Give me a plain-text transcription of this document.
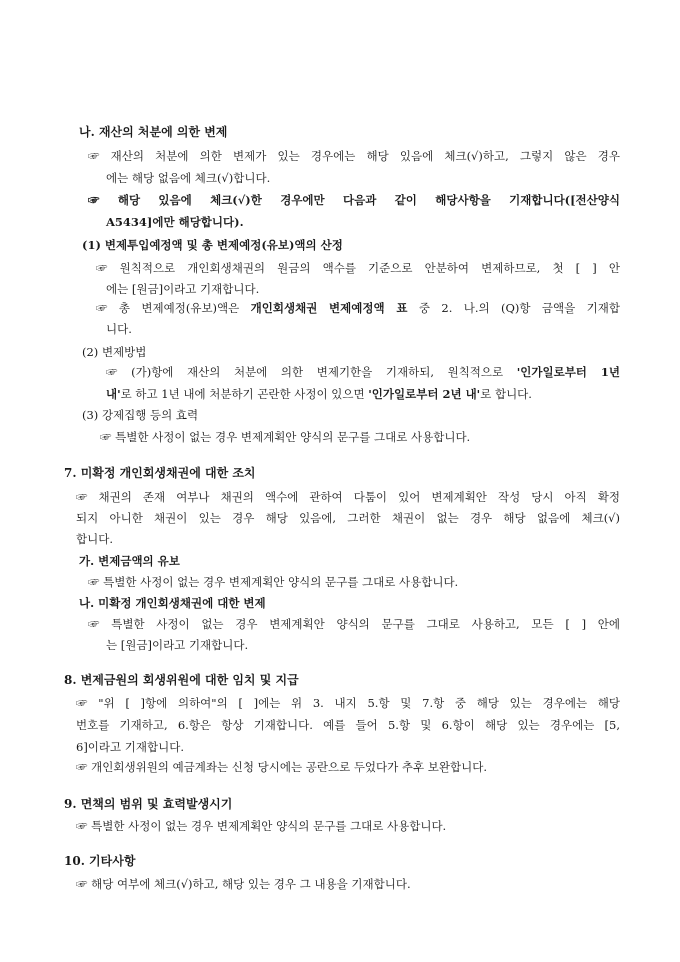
나. 재산의 처분에 의한 변제
☞ 재산의 처분에 의한 변제가 있는 경우에는 해당 있음에 체크(√)하고, 그렇지 않은 경우
에는 해당 없음에 체크(√)합니다.
☞ 해당 있음에 체크(√)한 경우에만 다음과 같이 해당사항을 기재합니다([전산양식
A5434]에만 해당합니다).
(1) 변제투입예정액 및 총 변제예정(유보)액의 산정
☞ 원칙적으로 개인회생채권의 원금의 액수를 기준으로 안분하여 변제하므로, 첫 [ ] 안
에는 [원금]이라고 기재합니다.
☞ 총 변제예정(유보)액은 개인회생채권 변제예정액 표 중 2. 나.의 (Q)항 금액을 기재합
니다.
(2) 변제방법
☞ (가)항에 재산의 처분에 의한 변제기한을 기재하되, 원칙적으로 '인가일로부터 1년
내'로 하고 1년 내에 처분하기 곤란한 사정이 있으면 '인가일로부터 2년 내'로 합니다.
(3) 강제집행 등의 효력
☞ 특별한 사정이 없는 경우 변제계획안 양식의 문구를 그대로 사용합니다.
7. 미확정 개인회생채권에 대한 조치
☞ 채권의 존재 여부나 채권의 액수에 관하여 다툼이 있어 변제계획안 작성 당시 아직 확정
되지 아니한 채권이 있는 경우 해당 있음에, 그러한 채권이 없는 경우 해당 없음에 체크(√)
합니다.
가. 변제금액의 유보
☞ 특별한 사정이 없는 경우 변제계획안 양식의 문구를 그대로 사용합니다.
나. 미확정 개인회생채권에 대한 변제
☞ 특별한 사정이 없는 경우 변제계획안 양식의 문구를 그대로 사용하고, 모든 [ ] 안에
는 [원금]이라고 기재합니다.
8. 변제금원의 회생위원에 대한 임치 및 지급
☞ "위 [ ]항에 의하여"의 [ ]에는 위 3. 내지 5.항 및 7.항 중 해당 있는 경우에는 해당
번호를 기재하고, 6.항은 항상 기재합니다. 예를 들어 5.항 및 6.항이 해당 있는 경우에는 [5,
6]이라고 기재합니다.
☞ 개인회생위원의 예금계좌는 신청 당시에는 공란으로 두었다가 추후 보완합니다.
9. 면책의 범위 및 효력발생시기
☞ 특별한 사정이 없는 경우 변제계획안 양식의 문구를 그대로 사용합니다.
10. 기타사항
☞ 해당 여부에 체크(√)하고, 해당 있는 경우 그 내용을 기재합니다.
